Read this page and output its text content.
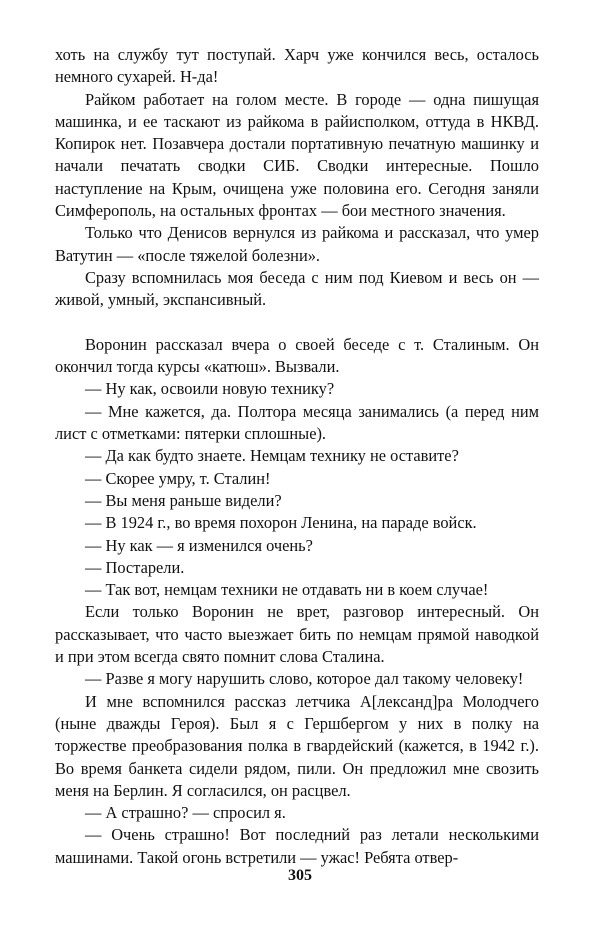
хоть на службу тут поступай. Харч уже кончился весь, осталось немного сухарей. Н-да!

Райком работает на голом месте. В городе — одна пишущая машинка, и ее таскают из райкома в райисполком, оттуда в НКВД. Копирок нет. Позавчера достали портативную печатную машинку и начали печатать сводки СИБ. Сводки интересные. Пошло наступление на Крым, очищена уже половина его. Сегодня заняли Симферополь, на остальных фронтах — бои местного значения.

Только что Денисов вернулся из райкома и рассказал, что умер Ватутин — «после тяжелой болезни».

Сразу вспомнилась моя беседа с ним под Киевом и весь он — живой, умный, экспансивный.

Воронин рассказал вчера о своей беседе с т. Сталиным. Он окончил тогда курсы «катюш». Вызвали.

— Ну как, освоили новую технику?

— Мне кажется, да. Полтора месяца занимались (а перед ним лист с отметками: пятерки сплошные).

— Да как будто знаете. Немцам технику не оставите?

— Скорее умру, т. Сталин!

— Вы меня раньше видели?

— В 1924 г., во время похорон Ленина, на параде войск.

— Ну как — я изменился очень?

— Постарели.

— Так вот, немцам техники не отдавать ни в коем случае!

Если только Воронин не врет, разговор интересный. Он рассказывает, что часто выезжает бить по немцам прямой наводкой и при этом всегда свято помнит слова Сталина.

— Разве я могу нарушить слово, которое дал такому человеку!

И мне вспомнился рассказ летчика А[лександ]ра Молодчего (ныне дважды Героя). Был я с Гершбергом у них в полку на торжестве преобразования полка в гвардейский (кажется, в 1942 г.). Во время банкета сидели рядом, пили. Он предложил мне свозить меня на Берлин. Я согласился, он расцвел.

— А страшно? — спросил я.

— Очень страшно! Вот последний раз летали несколькими машинами. Такой огонь встретили — ужас! Ребята отвер-

305
